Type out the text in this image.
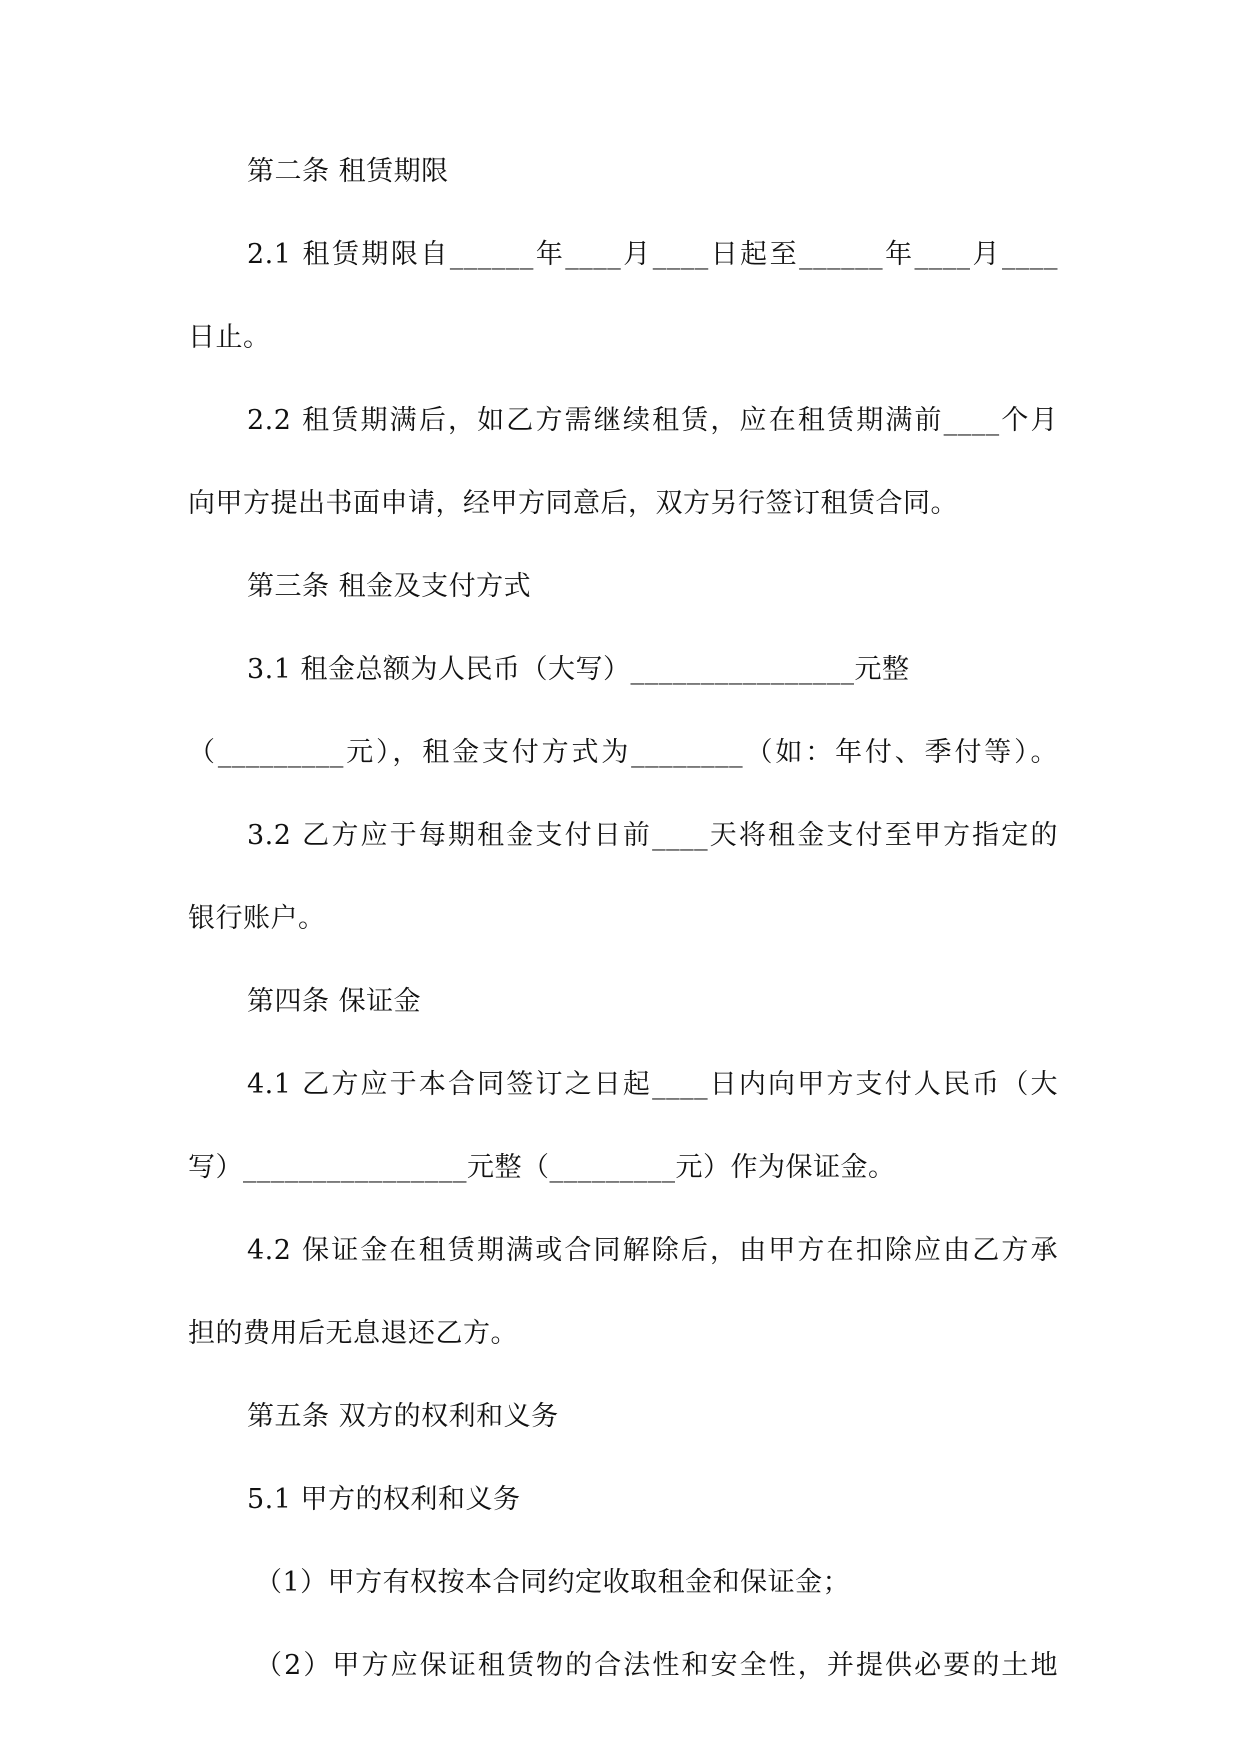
第二条 租赁期限
2.1 租赁期限自______年____月____日起至______年____月____
日止。
2.2 租赁期满后，如乙方需继续租赁，应在租赁期满前____个月
向甲方提出书面申请，经甲方同意后，双方另行签订租赁合同。
第三条 租金及支付方式
3.1 租金总额为人民币（大写）________________元整
（_________元），租金支付方式为________（如：年付、季付等）。
3.2 乙方应于每期租金支付日前____天将租金支付至甲方指定的
银行账户。
第四条 保证金
4.1 乙方应于本合同签订之日起____日内向甲方支付人民币（大
写）________________元整（_________元）作为保证金。
4.2 保证金在租赁期满或合同解除后，由甲方在扣除应由乙方承
担的费用后无息退还乙方。
第五条 双方的权利和义务
5.1 甲方的权利和义务
（1）甲方有权按本合同约定收取租金和保证金；
（2）甲方应保证租赁物的合法性和安全性，并提供必要的土地
